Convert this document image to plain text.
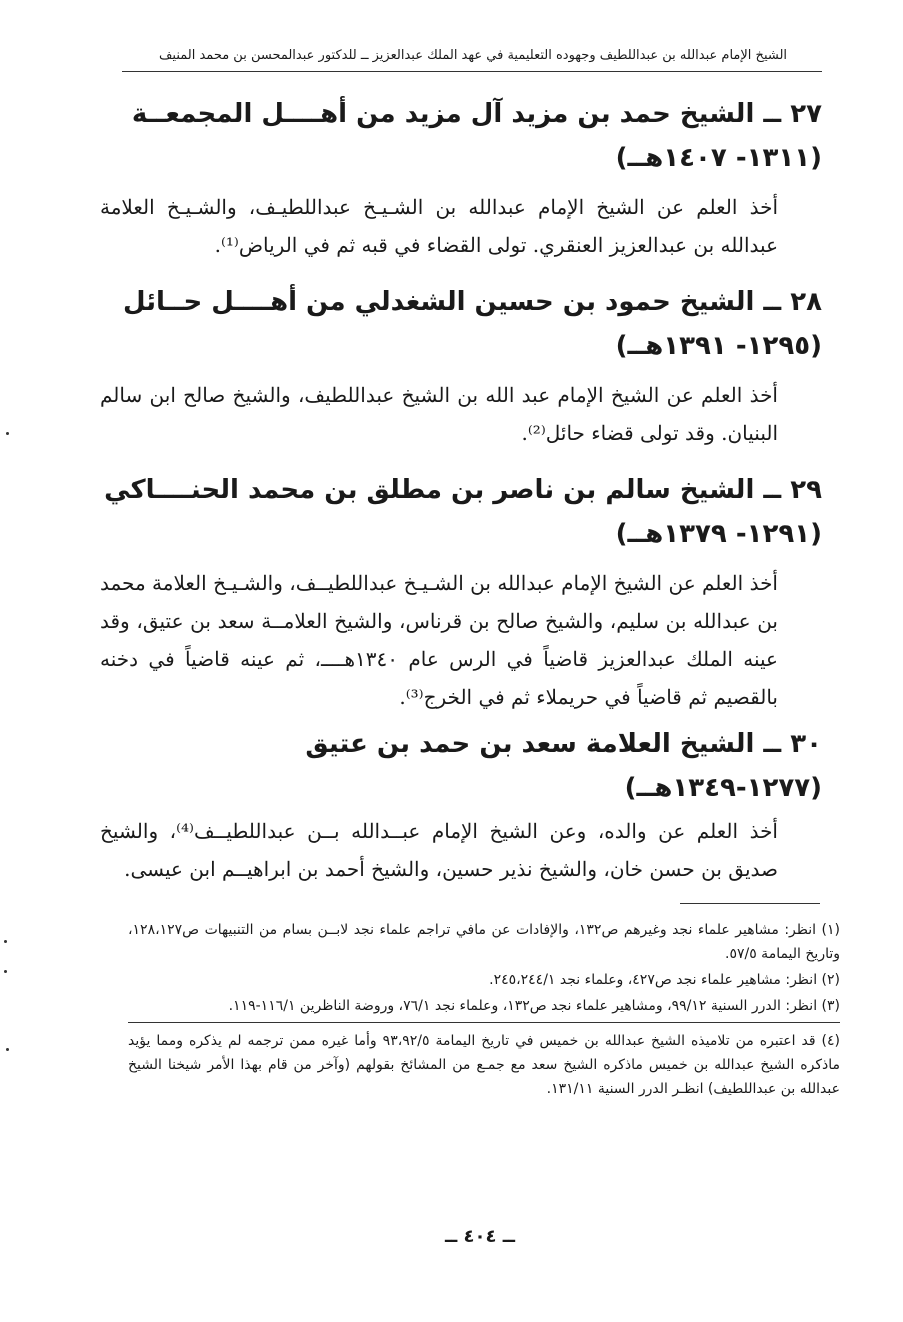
الشيخ الإمام عبدالله بن عبداللطيف وجهوده التعليمية في عهد الملك عبدالعزيز ــ للدكتور عبدالمحسن بن محمد المنيف
٢٧ ــ الشيخ حمد بن مزيد آل مزيد من أهــــل المجمعــة (١٣١١- ١٤٠٧هــ)

أخذ العلم عن الشيخ الإمام عبدالله بن الشـيـخ عبداللطيـف، والشـيـخ العلامة عبدالله بن عبدالعزيز العنقري. تولى القضاء في قبه ثم في الرياض⁽¹⁾.

٢٨ ــ الشيخ حمود بن حسين الشغدلي من أهــــل حــائل (١٢٩٥- ١٣٩١هــ)

أخذ العلم عن الشيخ الإمام عبد الله بن الشيخ عبداللطيف، والشيخ صالح ابن سالم البنيان. وقد تولى قضاء حائل⁽²⁾.

٢٩ ــ الشيخ سالم بن ناصر بن مطلق بن محمد الحنــــاكي (١٢٩١- ١٣٧٩هــ)

أخذ العلم عن الشيخ الإمام عبدالله بن الشـيـخ عبداللطيــف، والشـيـخ العلامة محمد بن عبدالله بن سليم، والشيخ صالح بن قرناس، والشيخ العلامــة سعد بن عتيق، وقد عينه الملك عبدالعزيز قاضياً في الرس عام ١٣٤٠هــــ، ثم عينه قاضياً في دخنه بالقصيم ثم قاضياً في حريملاء ثم في الخرج⁽³⁾.

٣٠ ــ الشيخ العلامة سعد بن حمد بن عتيق (١٢٧٧-١٣٤٩هــ)

أخذ العلم عن والده، وعن الشيخ الإمام عبــدالله بــن عبداللطيــف⁽⁴⁾، والشيخ صديق بن حسن خان، والشيخ نذير حسين، والشيخ أحمد بن ابراهيــم ابن عيسى.

(١) انظر: مشاهير علماء نجد وغيرهم ص١٣٢، والإفادات عن مافي تراجم علماء نجد لابــن بسام من التنبيهات ص١٢٨،١٢٧، وتاريخ اليمامة ٥٧/٥.

(٢) انظر: مشاهير علماء نجد ص٤٢٧، وعلماء نجد ٢٤٥،٢٤٤/١.

(٣) انظر: الدرر السنية ٩٩/١٢، ومشاهير علماء نجد ص١٣٢، وعلماء نجد ٧٦/١، وروضة الناظرين ١١٦/١-١١٩.

(٤) قد اعتبره من تلاميذه الشيخ عبدالله بن خميس في تاريخ اليمامة ٩٣،٩٢/٥ وأما غيره ممن ترجمه لم يذكره ومما يؤيد ماذكره الشيخ عبدالله بن خميس ماذكره الشيخ سعد مع جمـع من المشائخ بقولهم (وآخر من قام بهذا الأمر شيخنا الشيخ عبدالله بن عبداللطيف) انظـر الدرر السنية ١٣١/١١.

ــ ٤٠٤ ــ
